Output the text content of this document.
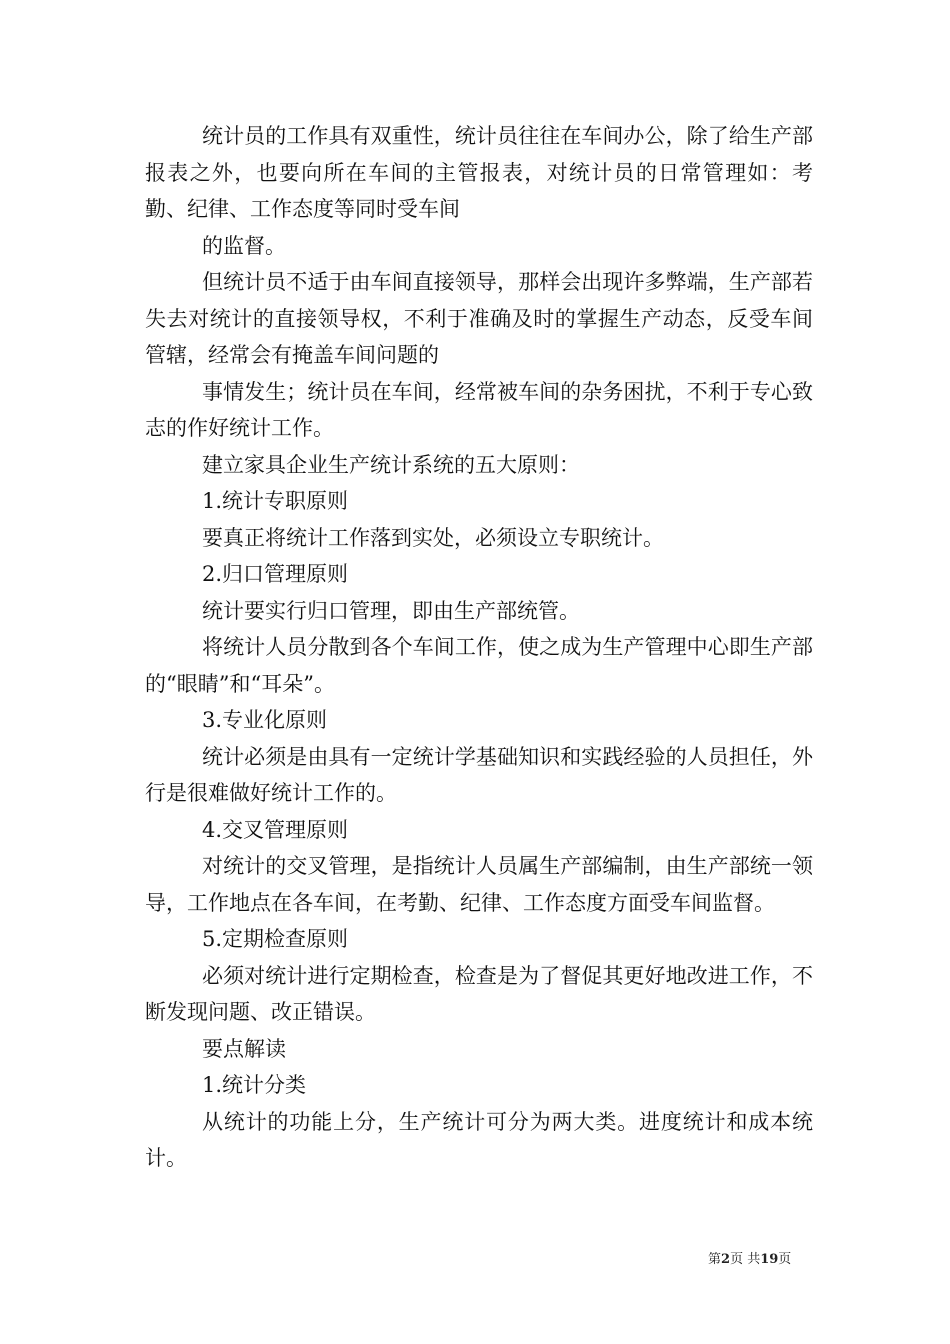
统计员的工作具有双重性，统计员往往在车间办公，除了给生产部报表之外，也要向所在车间的主管报表，对统计员的日常管理如：考勤、纪律、工作态度等同时受车间

的监督。

但统计员不适于由车间直接领导，那样会出现许多弊端，生产部若失去对统计的直接领导权，不利于准确及时的掌握生产动态，反受车间管辖，经常会有掩盖车间问题的

事情发生；统计员在车间，经常被车间的杂务困扰，不利于专心致志的作好统计工作。

建立家具企业生产统计系统的五大原则：

1.统计专职原则

要真正将统计工作落到实处，必须设立专职统计。

2.归口管理原则

统计要实行归口管理，即由生产部统管。

将统计人员分散到各个车间工作，使之成为生产管理中心即生产部的“眼睛”和“耳朵”。

3.专业化原则

统计必须是由具有一定统计学基础知识和实践经验的人员担任，外行是很难做好统计工作的。

4.交叉管理原则

对统计的交叉管理，是指统计人员属生产部编制，由生产部统一领导，工作地点在各车间，在考勤、纪律、工作态度方面受车间监督。

5.定期检查原则

必须对统计进行定期检查，检查是为了督促其更好地改进工作，不断发现问题、改正错误。

要点解读

1.统计分类

从统计的功能上分，生产统计可分为两大类。进度统计和成本统计。

第2页 共19页
